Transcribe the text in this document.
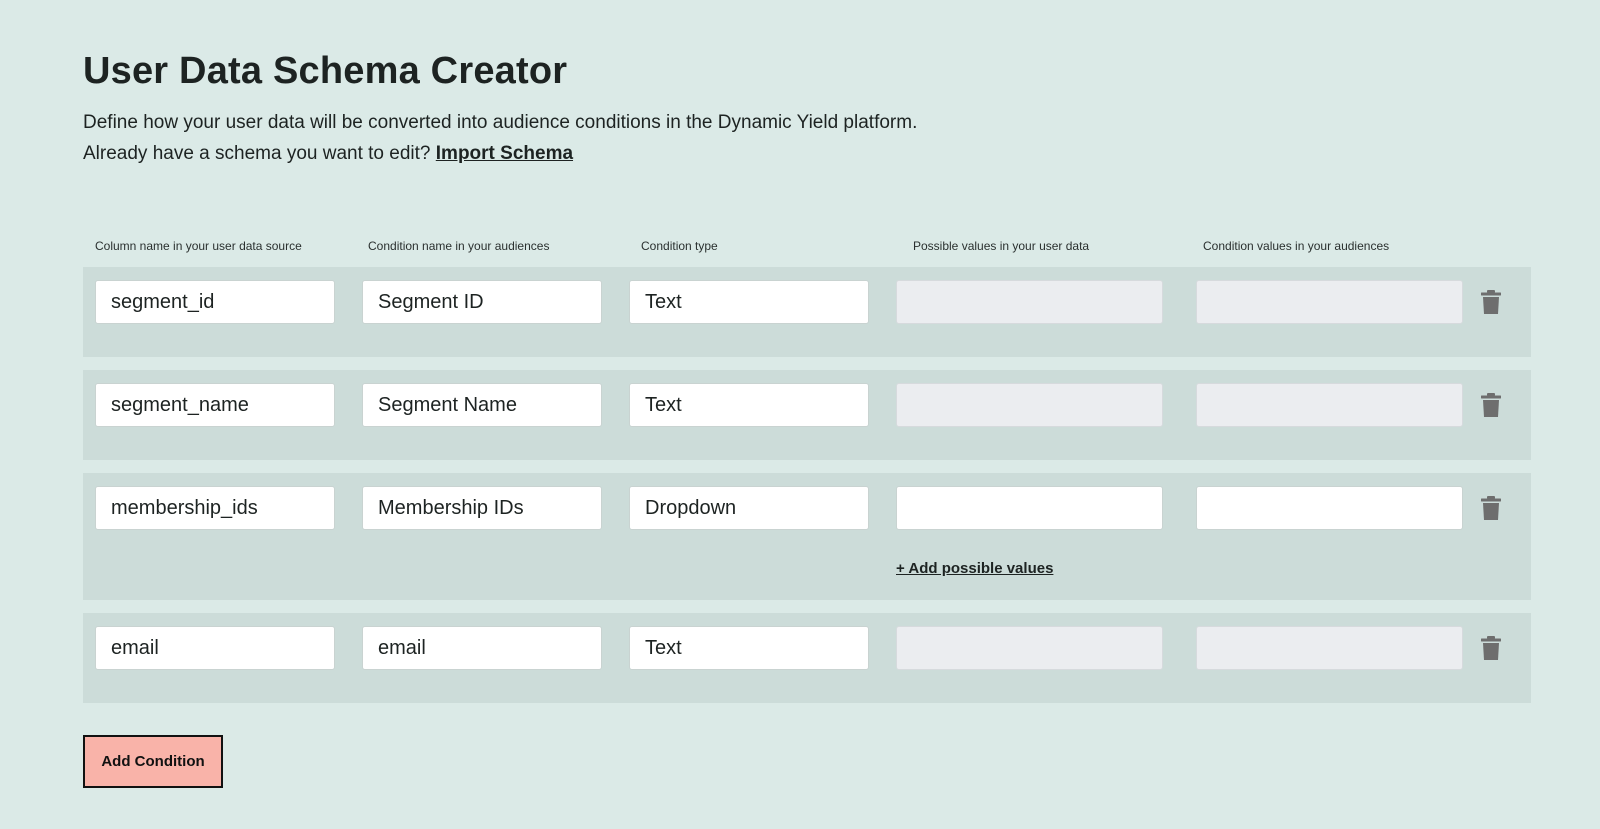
User Data Schema Creator
Define how your user data will be converted into audience conditions in the Dynamic Yield platform.
Already have a schema you want to edit? Import Schema
Column name in your user data source	Condition name in your audiences	Condition type	Possible values in your user data	Condition values in your audiences
segment_id	Segment ID	Text
segment_name	Segment Name	Text
membership_ids	Membership IDs	Dropdown
+ Add possible values
email	email	Text
Add Condition
